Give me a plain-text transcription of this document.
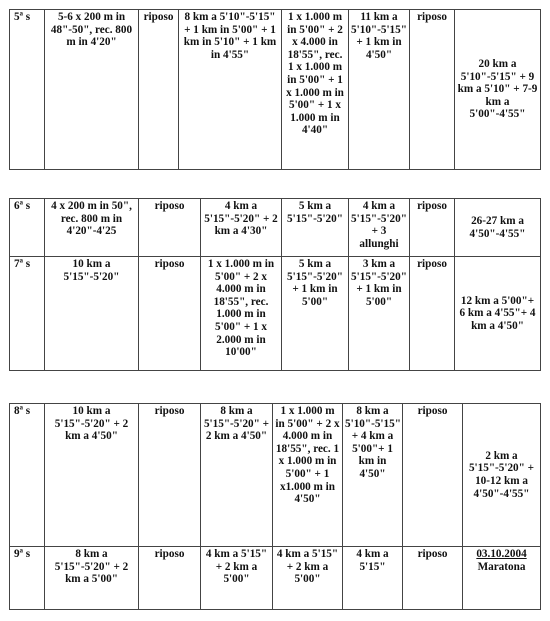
5ª s	5-6 x 200 m in 48"-50", rec. 800 m in 4'20"	riposo	8 km a 5'10"-5'15" + 1 km in 5'00" + 1 km in 5'10" + 1 km in 4'55"	1 x 1.000 m in 5'00" + 2 x 4.000 in 18'55", rec. 1 x 1.000 m in 5'00" + 1 x 1.000 m in 5'00" + 1 x 1.000 m in 4'40"	11 km a 5'10"-5'15" + 1 km in 4'50"	riposo	20 km a 5'10"-5'15" + 9 km a 5'10" + 7-9 km a 5'00"-4'55"
6ª s	4 x 200 m in 50", rec. 800 m in 4'20"-4'25	riposo	4 km a 5'15"-5'20" + 2 km a 4'30"	5 km a 5'15"-5'20"	4 km a 5'15"-5'20" + 3 allunghi	riposo	26-27 km a 4'50"-4'55"
7ª s	10 km a 5'15"-5'20"	riposo	1 x 1.000 m in 5'00" + 2 x 4.000 m in 18'55", rec. 1.000 m in 5'00" + 1 x 2.000 m in 10'00"	5 km a 5'15"-5'20" + 1 km in 5'00"	3 km a 5'15"-5'20" + 1 km in 5'00"	riposo	12 km a 5'00"+ 6 km a 4'55"+ 4 km a 4'50"
8ª s	10 km a 5'15"-5'20" + 2 km a 4'50"	riposo	8 km a 5'15"-5'20" + 2 km a 4'50"	1 x 1.000 m in 5'00" + 2 x 4.000 m in 18'55", rec. 1 x 1.000 m in 5'00" + 1 x1.000 m in 4'50"	8 km a 5'10"-5'15" + 4 km a 5'00"+ 1 km in 4'50"	riposo	2 km a 5'15"-5'20" + 10-12 km a 4'50"-4'55"
9ª s	8 km a 5'15"-5'20" + 2 km a 5'00"	riposo	4 km a 5'15" + 2 km a 5'00"	4 km a 5'15" + 2 km a 5'00"	4 km a 5'15"	riposo	03.10.2004
Maratona
